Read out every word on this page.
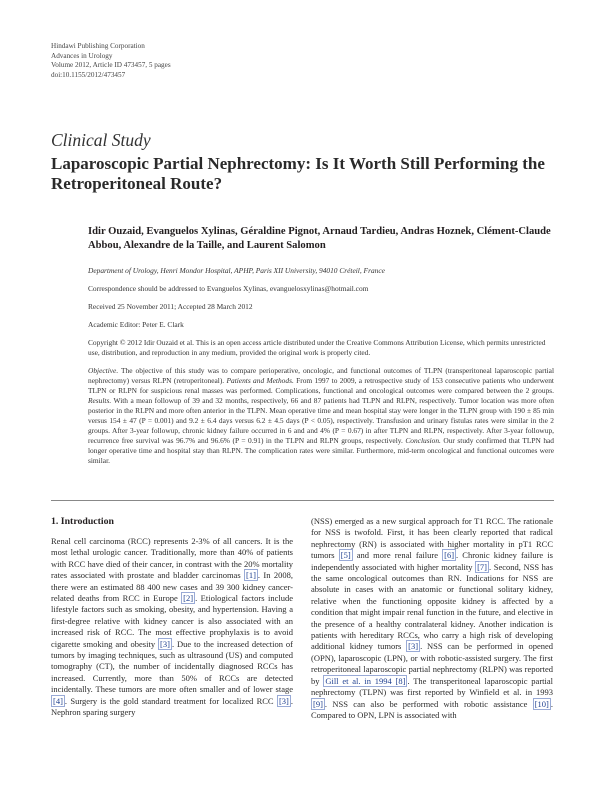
Hindawi Publishing Corporation
Advances in Urology
Volume 2012, Article ID 473457, 5 pages
doi:10.1155/2012/473457
Clinical Study
Laparoscopic Partial Nephrectomy: Is It Worth Still Performing the Retroperitoneal Route?
Idir Ouzaid, Evanguelos Xylinas, Géraldine Pignot, Arnaud Tardieu, Andras Hoznek, Clément-Claude Abbou, Alexandre de la Taille, and Laurent Salomon
Department of Urology, Henri Mondor Hospital, APHP, Paris XII University, 94010 Créteil, France
Correspondence should be addressed to Evanguelos Xylinas, evanguelosxylinas@hotmail.com
Received 25 November 2011; Accepted 28 March 2012
Academic Editor: Peter E. Clark
Copyright © 2012 Idir Ouzaid et al. This is an open access article distributed under the Creative Commons Attribution License, which permits unrestricted use, distribution, and reproduction in any medium, provided the original work is properly cited.
Objective. The objective of this study was to compare perioperative, oncologic, and functional outcomes of TLPN (transperitoneal laparoscopic partial nephrectomy) versus RLPN (retroperitoneal). Patients and Methods. From 1997 to 2009, a retrospective study of 153 consecutive patients who underwent TLPN or RLPN for suspicious renal masses was performed. Complications, functional and oncological outcomes were compared between the 2 groups. Results. With a mean followup of 39 and 32 months, respectively, 66 and 87 patients had TLPN and RLPN, respectively. Tumor location was more often posterior in the RLPN and more often anterior in the TLPN. Mean operative time and mean hospital stay were longer in the TLPN group with 190 ± 85 min versus 154 ± 47 (P = 0.001) and 9.2 ± 6.4 days versus 6.2 ± 4.5 days (P < 0.05), respectively. Transfusion and urinary fistulas rates were similar in the 2 groups. After 3-year followup, chronic kidney failure occurred in 6 and and 4% (P = 0.67) in after TLPN and RLPN, respectively. After 3-year followup, recurrence free survival was 96.7% and 96.6% (P = 0.91) in the TLPN and RLPN groups, respectively. Conclusion. Our study confirmed that TLPN had longer operative time and hospital stay than RLPN. The complication rates were similar. Furthermore, mid-term oncological and functional outcomes were similar.
1. Introduction

Renal cell carcinoma (RCC) represents 2-3% of all cancers. It is the most lethal urologic cancer. Traditionally, more than 40% of patients with RCC have died of their cancer, in contrast with the 20% mortality rates associated with prostate and bladder carcinomas [1] . In 2008, there were an estimated 88 400 new cases and 39 300 kidney cancer-related deaths from RCC in Europe [2] . Etiological factors include lifestyle factors such as smoking, obesity, and hypertension. Having a first-degree relative with kidney cancer is also associated with an increased risk of RCC. The most effective prophylaxis is to avoid cigarette smoking and obesity [3] . Due to the increased detection of tumors by imaging techniques, such as ultrasound (US) and computed tomography (CT), the number of incidentally diagnosed RCCs has increased. Currently, more than 50% of RCCs are detected incidentally. These tumors are more often smaller and of lower stage [4] . Surgery is the gold standard treatment for localized RCC [3] . Nephron sparing surgery

(NSS) emerged as a new surgical approach for T1 RCC. The rationale for NSS is twofold. First, it has been clearly reported that radical nephrectomy (RN) is associated with higher mortality in pT1 RCC tumors [5] and more renal failure [6] . Chronic kidney failure is independently associated with higher mortality [7] . Second, NSS has the same oncological outcomes than RN. Indications for NSS are absolute in cases with an anatomic or functional solitary kidney, relative when the functioning opposite kidney is affected by a condition that might impair renal function in the future, and elective in the presence of a healthy contralateral kidney. Another indication is patients with hereditary RCCs, who carry a high risk of developing additional kidney tumors [3] . NSS can be performed in opened (OPN), laparoscopic (LPN), or with robotic-assisted surgery. The first retroperitoneal laparoscopic partial nephrectomy (RLPN) was reported by Gill et al. in 1994 [8] . The transperitoneal laparoscopic partial nephrectomy (TLPN) was first reported by Winfield et al. in 1993 [9] . NSS can also be performed with robotic assistance [10] . Compared to OPN, LPN is associated with
